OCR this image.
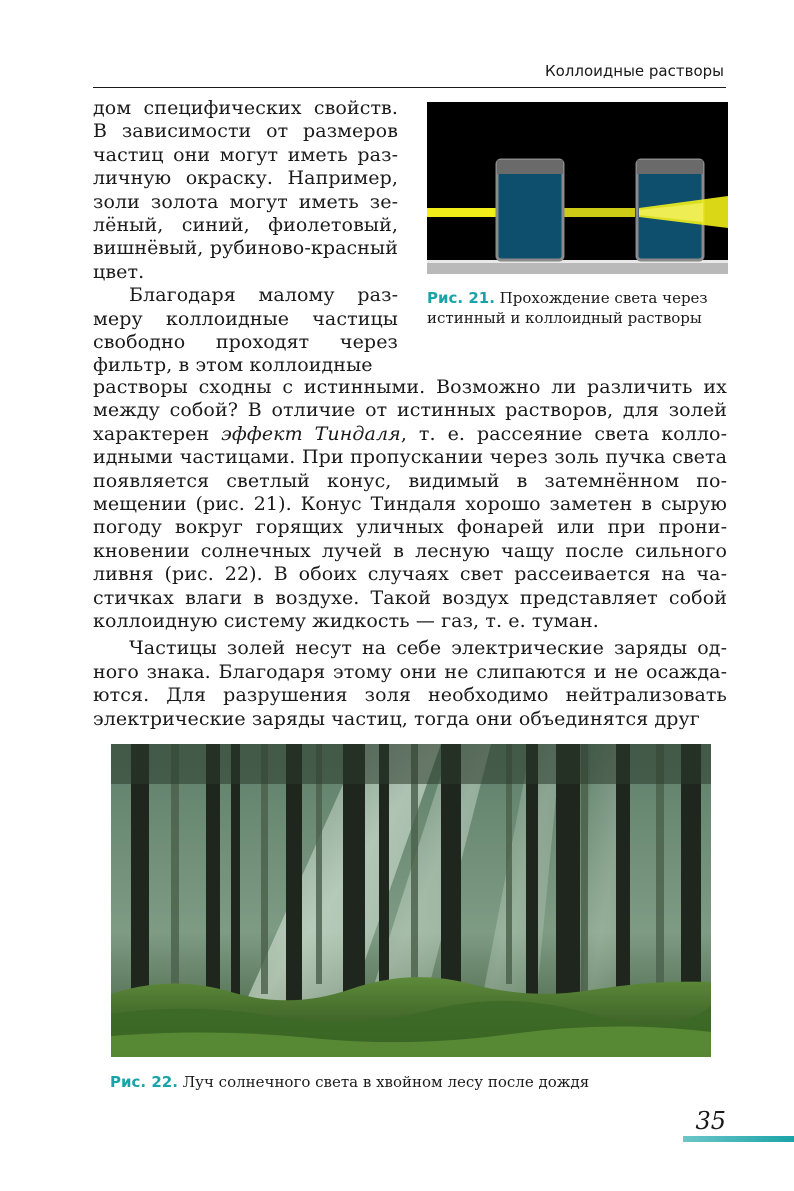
Коллоидные растворы

дом специфических свойств. В зависимости от размеров частиц они могут иметь различную окраску. Например, золи золота могут иметь зелёный, синий, фиолетовый, вишнёвый, рубиново-красный цвет.

Благодаря малому размеру коллоидные частицы свободно проходят через фильтр, в этом коллоидные

Рис. 21. Прохождение света через истинный и коллоидный растворы

растворы сходны с истинными. Возможно ли различить их между собой? В отличие от истинных растворов, для золей характерен эффект Тиндаля, т. е. рассеяние света коллоидными частицами. При пропускании через золь пучка света появляется светлый конус, видимый в затемнённом помещении (рис. 21). Конус Тиндаля хорошо заметен в сырую погоду вокруг горящих уличных фонарей или при проникновении солнечных лучей в лесную чащу после сильного ливня (рис. 22). В обоих случаях свет рассеивается на частичках влаги в воздухе. Такой воздух представляет собой коллоидную систему жидкость — газ, т. е. туман.

Частицы золей несут на себе электрические заряды одного знака. Благодаря этому они не слипаются и не осаждаются. Для разрушения золя необходимо нейтрализовать электрические заряды частиц, тогда они объединятся друг

Рис. 22. Луч солнечного света в хвойном лесу после дождя
35
